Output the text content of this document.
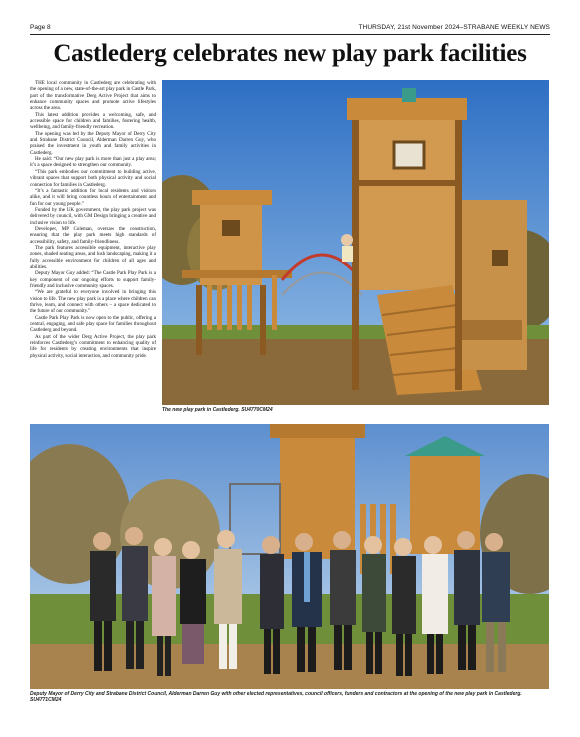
Page 8	THURSDAY, 21st November 2024–STRABANE WEEKLY NEWS
Castlederg celebrates new play park facilities

THE local community in Castlederg are celebrating with the opening of a new, state-of-the-art play park in Castle Park, part of the transformative Derg Active Project that aims to enhance community spaces and promote active lifestyles across the area.

This latest addition provides a welcoming, safe, and accessible space for children and families, fostering health, wellbeing, and family-friendly recreation.

The opening was led by the Deputy Mayor of Derry City and Strabane District Council, Alderman Darren Guy, who praised the investment in youth and family activities in Castlederg.

He said: “Our new play park is more than just a play area; it’s a space designed to strengthen our community.

“This park embodies our commitment to building active, vibrant spaces that support both physical activity and social connection for families in Castlederg.

“It’s a fantastic addition for local residents and visitors alike, and it will bring countless hours of entertainment and fun for our young people.”

Funded by the UK government, the play park project was delivered by council, with GM Design bringing a creative and inclusive vision to life.

Developer, MP Coleman, oversaw the construction, ensuring that the play park meets high standards of accessibility, safety, and family-friendliness.

The park features accessible equipment, interactive play zones, shaded seating areas, and lush landscaping, making it a fully accessible environment for children of all ages and abilities.

Deputy Mayor Guy added: “The Castle Park Play Park is a key component of our ongoing efforts to support family-friendly and inclusive community spaces.

“We are grateful to everyone involved in bringing this vision to life. The new play park is a place where children can thrive, learn, and connect with others – a space dedicated to the future of our community.”

Castle Park Play Park is now open to the public, offering a central, engaging, and safe play space for families throughout Castlederg and beyond.

As part of the wider Derg Active Project, the play park reinforces Castlederg’s commitment to enhancing quality of life for residents by creating environments that inspire physical activity, social interaction, and community pride.

The new play park in Castlederg. SU4770CM24
Deputy Mayor of Derry City and Strabane District Council, Alderman Darren Guy with other elected representatives, council officers, funders and contractors at the opening of the new play park in Castlederg. SU4771CM24
